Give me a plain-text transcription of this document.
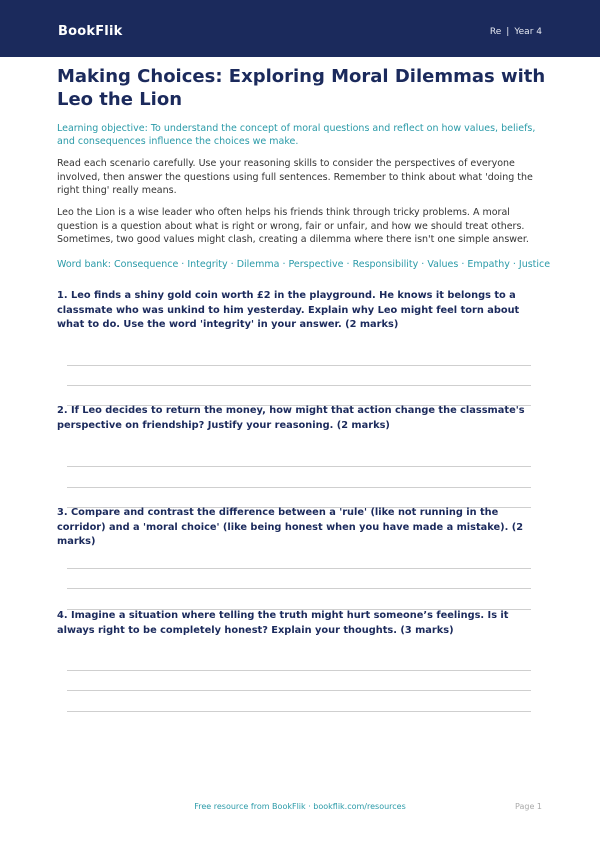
BookFlik	Re | Year 4
Making Choices: Exploring Moral Dilemmas with Leo the Lion

Learning objective: To understand the concept of moral questions and reflect on how values, beliefs, and consequences influence the choices we make.

Read each scenario carefully. Use your reasoning skills to consider the perspectives of everyone involved, then answer the questions using full sentences. Remember to think about what 'doing the right thing' really means.

Leo the Lion is a wise leader who often helps his friends think through tricky problems. A moral question is a question about what is right or wrong, fair or unfair, and how we should treat others. Sometimes, two good values might clash, creating a dilemma where there isn't one simple answer.

Word bank: Consequence · Integrity · Dilemma · Perspective · Responsibility · Values · Empathy · Justice

1. Leo finds a shiny gold coin worth £2 in the playground. He knows it belongs to a classmate who was unkind to him yesterday. Explain why Leo might feel torn about what to do. Use the word 'integrity' in your answer. (2 marks)

2. If Leo decides to return the money, how might that action change the classmate's perspective on friendship? Justify your reasoning. (2 marks)

3. Compare and contrast the difference between a 'rule' (like not running in the corridor) and a 'moral choice' (like being honest when you have made a mistake). (2 marks)

4. Imagine a situation where telling the truth might hurt someone’s feelings. Is it always right to be completely honest? Explain your thoughts. (3 marks)

Free resource from BookFlik · bookflik.com/resources	Page 1
